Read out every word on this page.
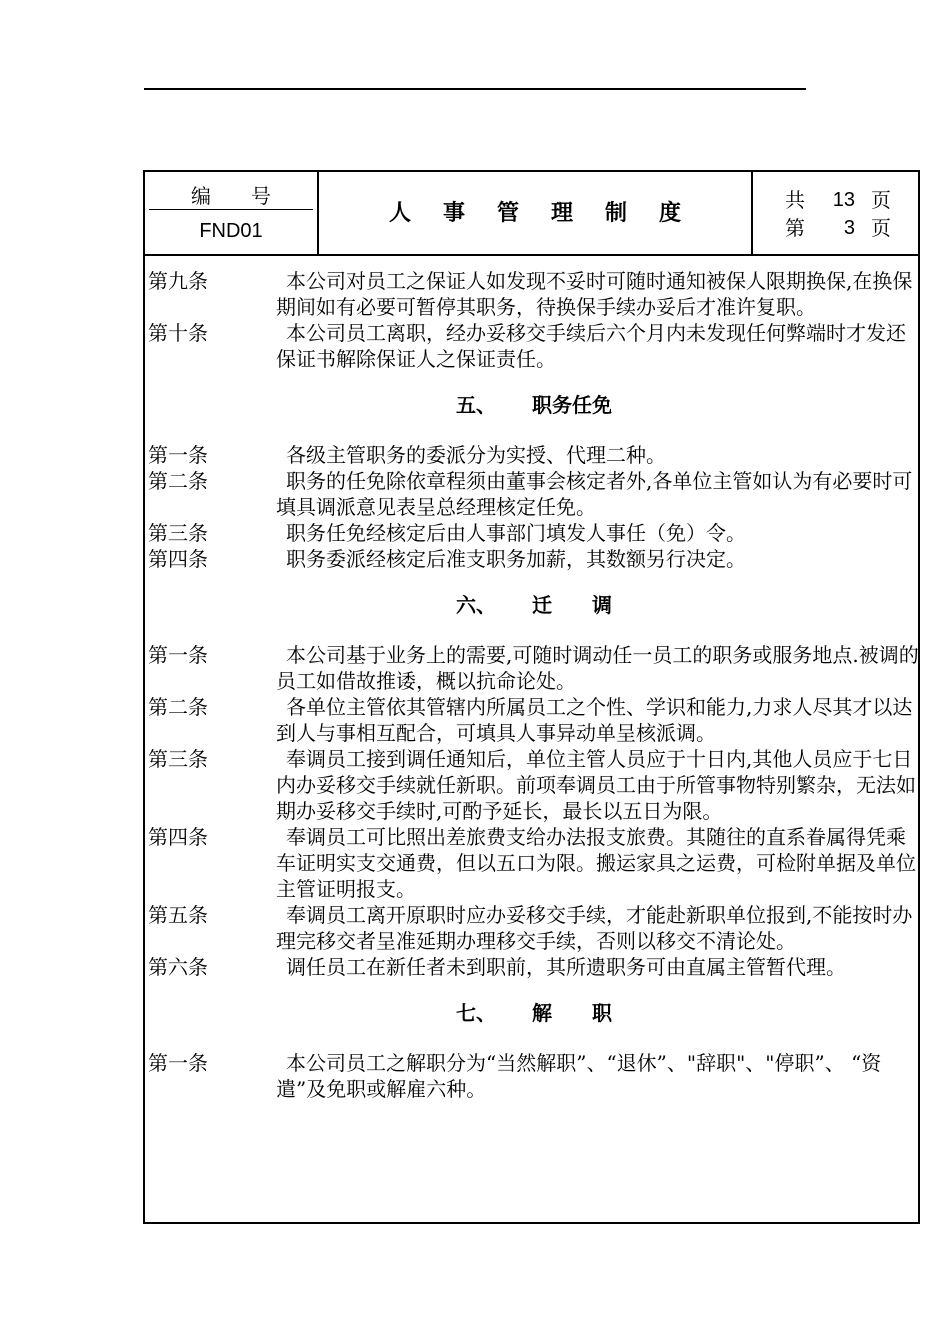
编号
FND01
人事管理制度	共	13 页
第	3 页
第九条	本公司对员工之保证人如发现不妥时可随时通知被保人限期换保,在换保期间如有必要可暂停其职务，待换保手续办妥后才准许复职。

第十条	本公司员工离职，经办妥移交手续后六个月内未发现任何弊端时才发还保证书解除保证人之保证责任。

五、 职务任免
第一条	各级主管职务的委派分为实授、代理二种。

第二条	职务的任免除依章程须由董事会核定者外,各单位主管如认为有必要时可填具调派意见表呈总经理核定任免。

第三条	职务任免经核定后由人事部门填发人事任（免）令。

第四条	职务委派经核定后准支职务加薪，其数额另行决定。

六、 迁　　调
第一条	本公司基于业务上的需要,可随时调动任一员工的职务或服务地点.被调的员工如借故推诿，概以抗命论处。

第二条	各单位主管依其管辖内所属员工之个性、学识和能力,力求人尽其才以达到人与事相互配合，可填具人事异动单呈核派调。

第三条	奉调员工接到调任通知后，单位主管人员应于十日内,其他人员应于七日内办妥移交手续就任新职。前项奉调员工由于所管事物特别繁杂，无法如期办妥移交手续时,可酌予延长，最长以五日为限。

第四条	奉调员工可比照出差旅费支给办法报支旅费。其随往的直系眷属得凭乘车证明实支交通费，但以五口为限。搬运家具之运费，可检附单据及单位主管证明报支。

第五条	奉调员工离开原职时应办妥移交手续，才能赴新职单位报到,不能按时办理完移交者呈准延期办理移交手续，否则以移交不清论处。

第六条	调任员工在新任者未到职前，其所遗职务可由直属主管暂代理。

七、 解　　职
第一条	本公司员工之解职分为“当然解职”、“退休”、"辞职"、"停职”、 “资遣”及免职或解雇六种。
